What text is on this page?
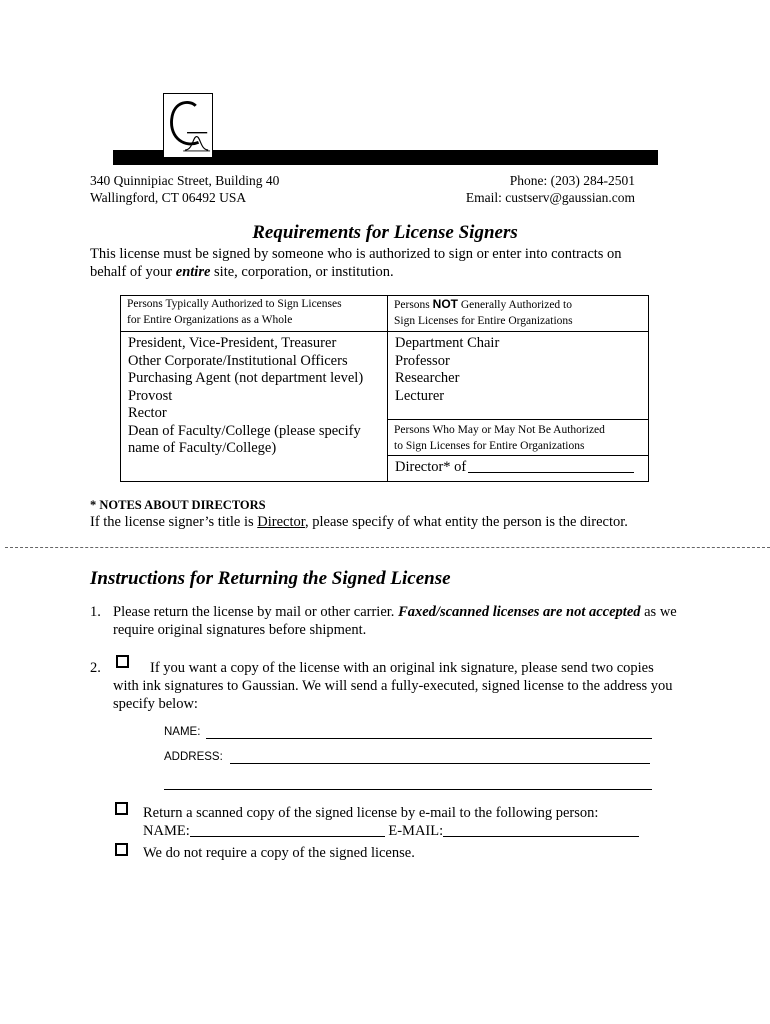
340 Quinnipiac Street, Building 40
Wallingford, CT 06492 USA
Phone: (203) 284-2501
Email: custserv@gaussian.com
Requirements for License Signers
This license must be signed by someone who is authorized to sign or enter into contracts on behalf of your entire site, corporation, or institution.
Persons Typically Authorized to Sign Licenses
for Entire Organizations as a Whole
Persons NOT Generally Authorized to
Sign Licenses for Entire Organizations
President, Vice-President, Treasurer
Other Corporate/Institutional Officers
Purchasing Agent (not department level)
Provost
Rector
Dean of Faculty/College (please specify name of Faculty/College)
Department Chair
Professor
Researcher
Lecturer
Persons Who May or May Not Be Authorized
to Sign Licenses for Entire Organizations
Director* of
* NOTES ABOUT DIRECTORS
If the license signer’s title is Director, please specify of what entity the person is the director.
Instructions for Returning the Signed License
1. Please return the license by mail or other carrier. Faxed/scanned licenses are not accepted as we require original signatures before shipment.
2.	If you want a copy of the license with an original ink signature, please send two copies with ink signatures to Gaussian. We will send a fully-executed, signed license to the address you specify below:
NAME:
ADDRESS:
Return a scanned copy of the signed license by e-mail to the following person:
NAME:	E-MAIL:
We do not require a copy of the signed license.
